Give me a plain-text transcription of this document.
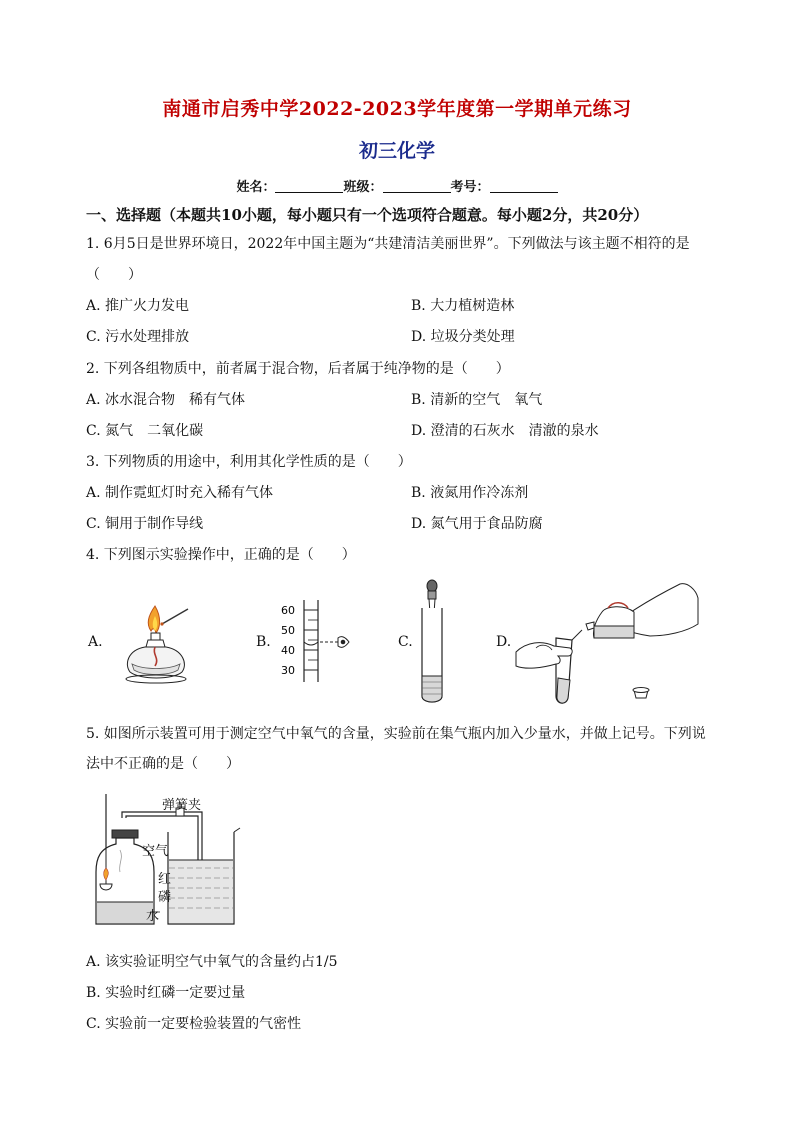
南通市启秀中学2022-2023学年度第一学期单元练习
初三化学
姓名：	班级：	考号：
一、选择题（本题共10小题，每小题只有一个选项符合题意。每小题2分，共20分）
1. 6月5日是世界环境日，2022年中国主题为“共建清洁美丽世界”。下列做法与该主题不相符的是
（　　）
A. 推广火力发电	B. 大力植树造林
C. 污水处理排放	D. 垃圾分类处理
2. 下列各组物质中，前者属于混合物，后者属于纯净物的是（　　）
A. 冰水混合物　稀有气体	B. 清新的空气　氧气
C. 氮气　二氧化碳	D. 澄清的石灰水　清澈的泉水
3. 下列物质的用途中，利用其化学性质的是（　　）
A. 制作霓虹灯时充入稀有气体	B. 液氮用作冷冻剂
C. 铜用于制作导线	D. 氮气用于食品防腐
4. 下列图示实验操作中，正确的是（　　）
A.	B.	C.	D.
60
50
40
30
5. 如图所示装置可用于测定空气中氧气的含量，实验前在集气瓶内加入少量水，并做上记号。下列说
法中不正确的是（　　）
弹簧夹
空气
红
磷
水
A. 该实验证明空气中氧气的含量约占1/5
B. 实验时红磷一定要过量
C. 实验前一定要检验装置的气密性
